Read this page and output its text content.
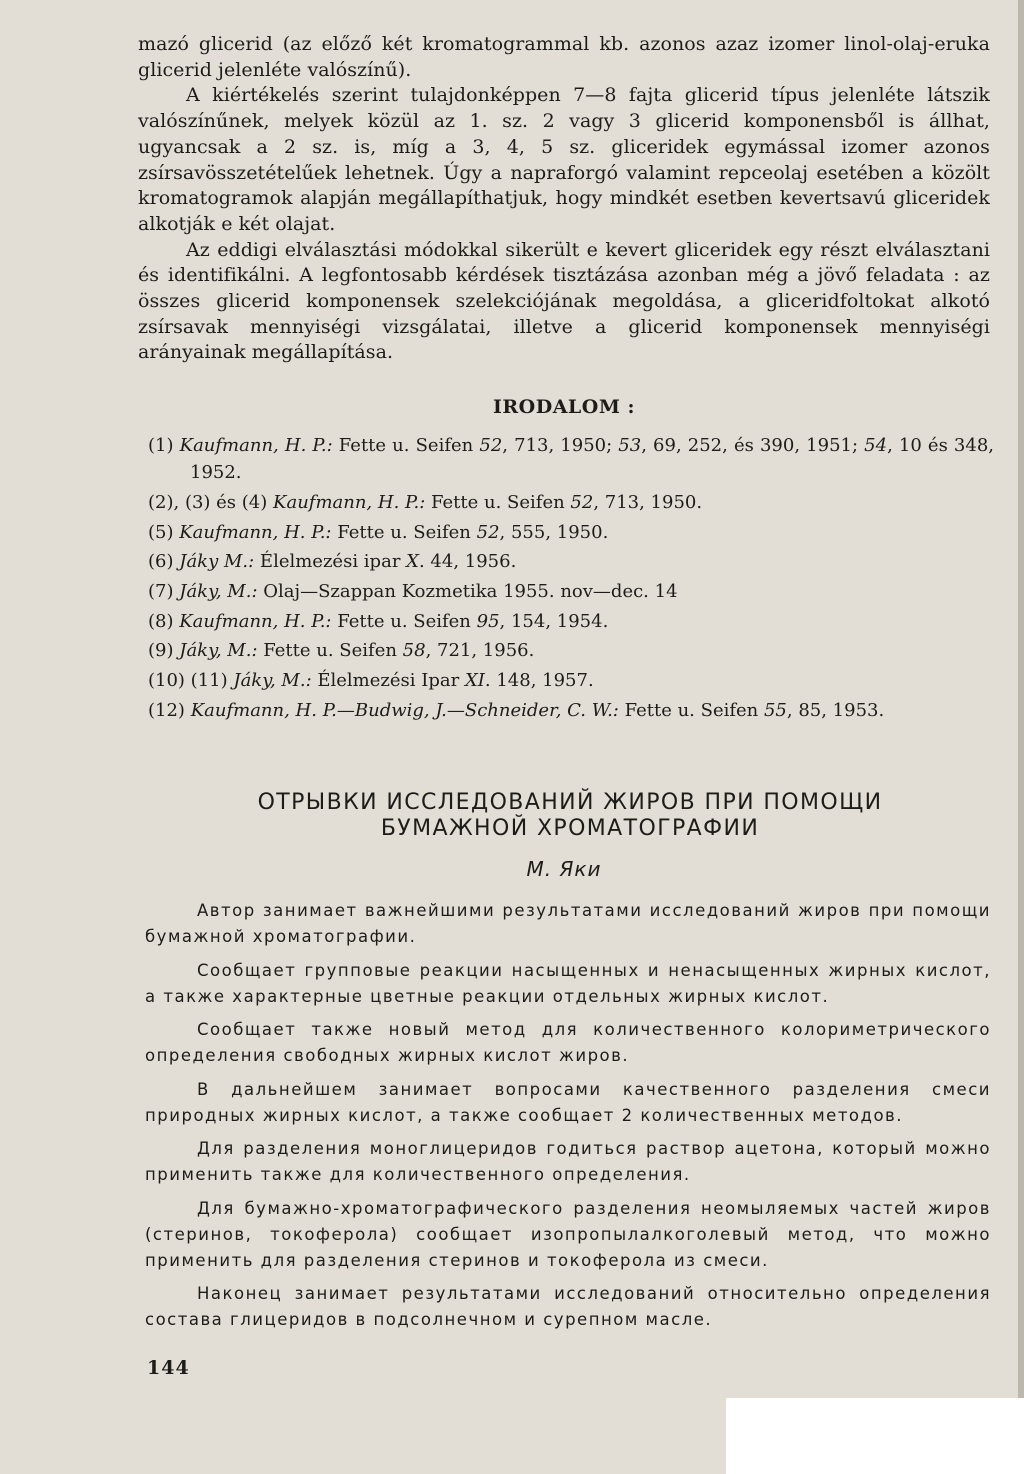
mazó glicerid (az előző két kromatogrammal kb. azonos azaz izomer linol-olaj-eruka glicerid jelenléte valószínű).

A kiértékelés szerint tulajdonképpen 7—8 fajta glicerid típus jelenléte látszik valószínűnek, melyek közül az 1. sz. 2 vagy 3 glicerid komponensből is állhat, ugyancsak a 2 sz. is, míg a 3, 4, 5 sz. gliceridek egymással izomer azonos zsírsavösszetételűek lehetnek. Úgy a napraforgó valamint repceolaj esetében a közölt kromatogramok alapján megállapíthatjuk, hogy mindkét esetben kevertsavú gliceridek alkotják e két olajat.

Az eddigi elválasztási módokkal sikerült e kevert gliceridek egy részt elválasztani és identifikálni. A legfontosabb kérdések tisztázása azonban még a jövő feladata : az összes glicerid komponensek szelekciójának megoldása, a gliceridfoltokat alkotó zsírsavak mennyiségi vizsgálatai, illetve a glicerid komponensek mennyiségi arányainak megállapítása.

IRODALOM :

(1) Kaufmann, H. P.: Fette u. Seifen 52, 713, 1950; 53, 69, 252, és 390, 1951; 54, 10 és 348, 1952.

(2), (3) és (4) Kaufmann, H. P.: Fette u. Seifen 52, 713, 1950.

(5) Kaufmann, H. P.: Fette u. Seifen 52, 555, 1950.

(6) Jáky M.: Élelmezési ipar X. 44, 1956.

(7) Jáky, M.: Olaj—Szappan Kozmetika 1955. nov—dec. 14

(8) Kaufmann, H. P.: Fette u. Seifen 95, 154, 1954.

(9) Jáky, M.: Fette u. Seifen 58, 721, 1956.

(10) (11) Jáky, M.: Élelmezési Ipar XI. 148, 1957.

(12) Kaufmann, H. P.—Budwig, J.—Schneider, C. W.: Fette u. Seifen 55, 85, 1953.

ОТРЫВКИ ИССЛЕДОВАНИЙ ЖИРОВ ПРИ ПОМОЩИ
БУМАЖНОЙ ХРОМАТОГРАФИИ

М. Яки

Автор занимает важнейшими результатами исследований жиров при помощи бумажной хроматографии.

Сообщает групповые реакции насыщенных и ненасыщенных жирных кислот, а также характерные цветные реакции отдельных жирных кислот.

Сообщает также новый метод для количественного колориметрического определения свободных жирных кислот жиров.

В дальнейшем занимает вопросами качественного разделения смеси природных жирных кислот, а также сообщает 2 количественных методов.

Для разделения моноглицеридов годиться раствор ацетона, который можно применить также для количественного определения.

Для бумажно-хроматографического разделения неомыляемых частей жиров (стеринов, токоферола) сообщает изопропылалкоголевый метод, что можно применить для разделения стеринов и токоферола из смеси.

Наконец занимает результатами исследований относительно определения состава глицеридов в подсолнечном и сурепном масле.

144
